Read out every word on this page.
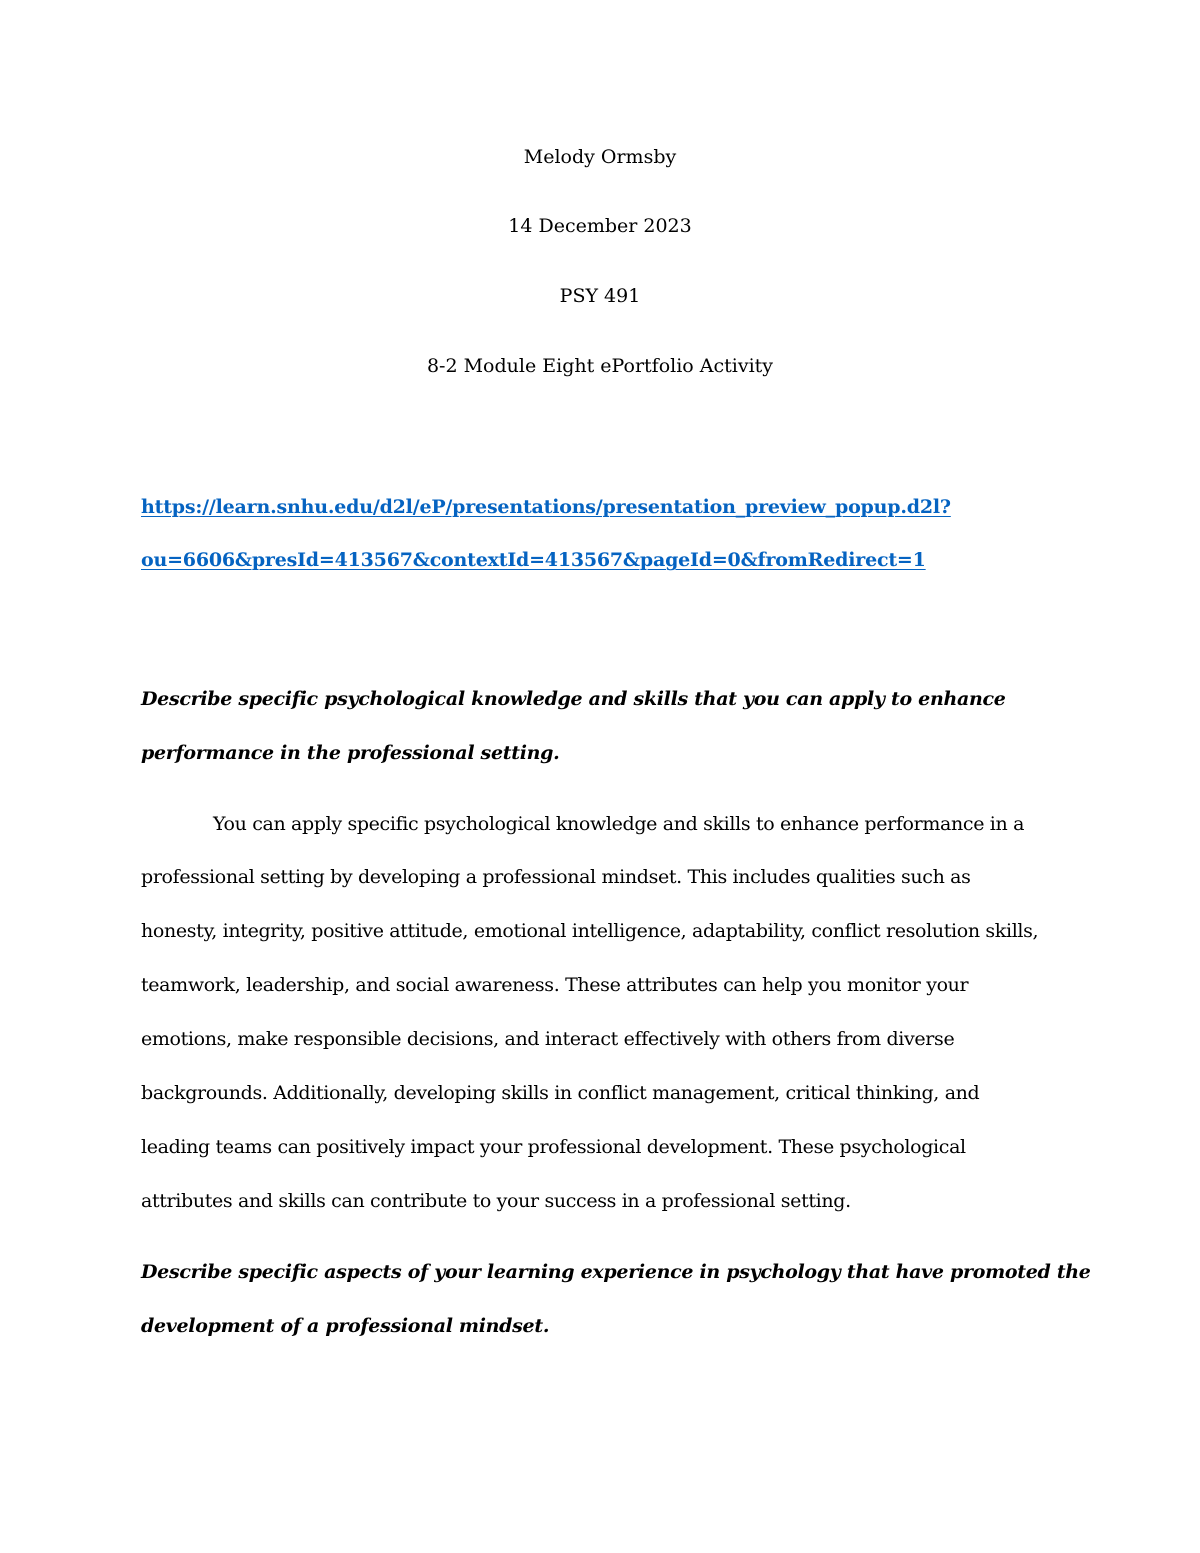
Melody Ormsby
14 December 2023
PSY 491
8-2 Module Eight ePortfolio Activity
https://learn.snhu.edu/d2l/eP/presentations/presentation_preview_popup.d2l?
ou=6606&presId=413567&contextId=413567&pageId=0&fromRedirect=1
Describe specific psychological knowledge and skills that you can apply to enhance
performance in the professional setting.
You can apply specific psychological knowledge and skills to enhance performance in a
professional setting by developing a professional mindset. This includes qualities such as
honesty, integrity, positive attitude, emotional intelligence, adaptability, conflict resolution skills,
teamwork, leadership, and social awareness. These attributes can help you monitor your
emotions, make responsible decisions, and interact effectively with others from diverse
backgrounds. Additionally, developing skills in conflict management, critical thinking, and
leading teams can positively impact your professional development. These psychological
attributes and skills can contribute to your success in a professional setting.
Describe specific aspects of your learning experience in psychology that have promoted the
development of a professional mindset.
